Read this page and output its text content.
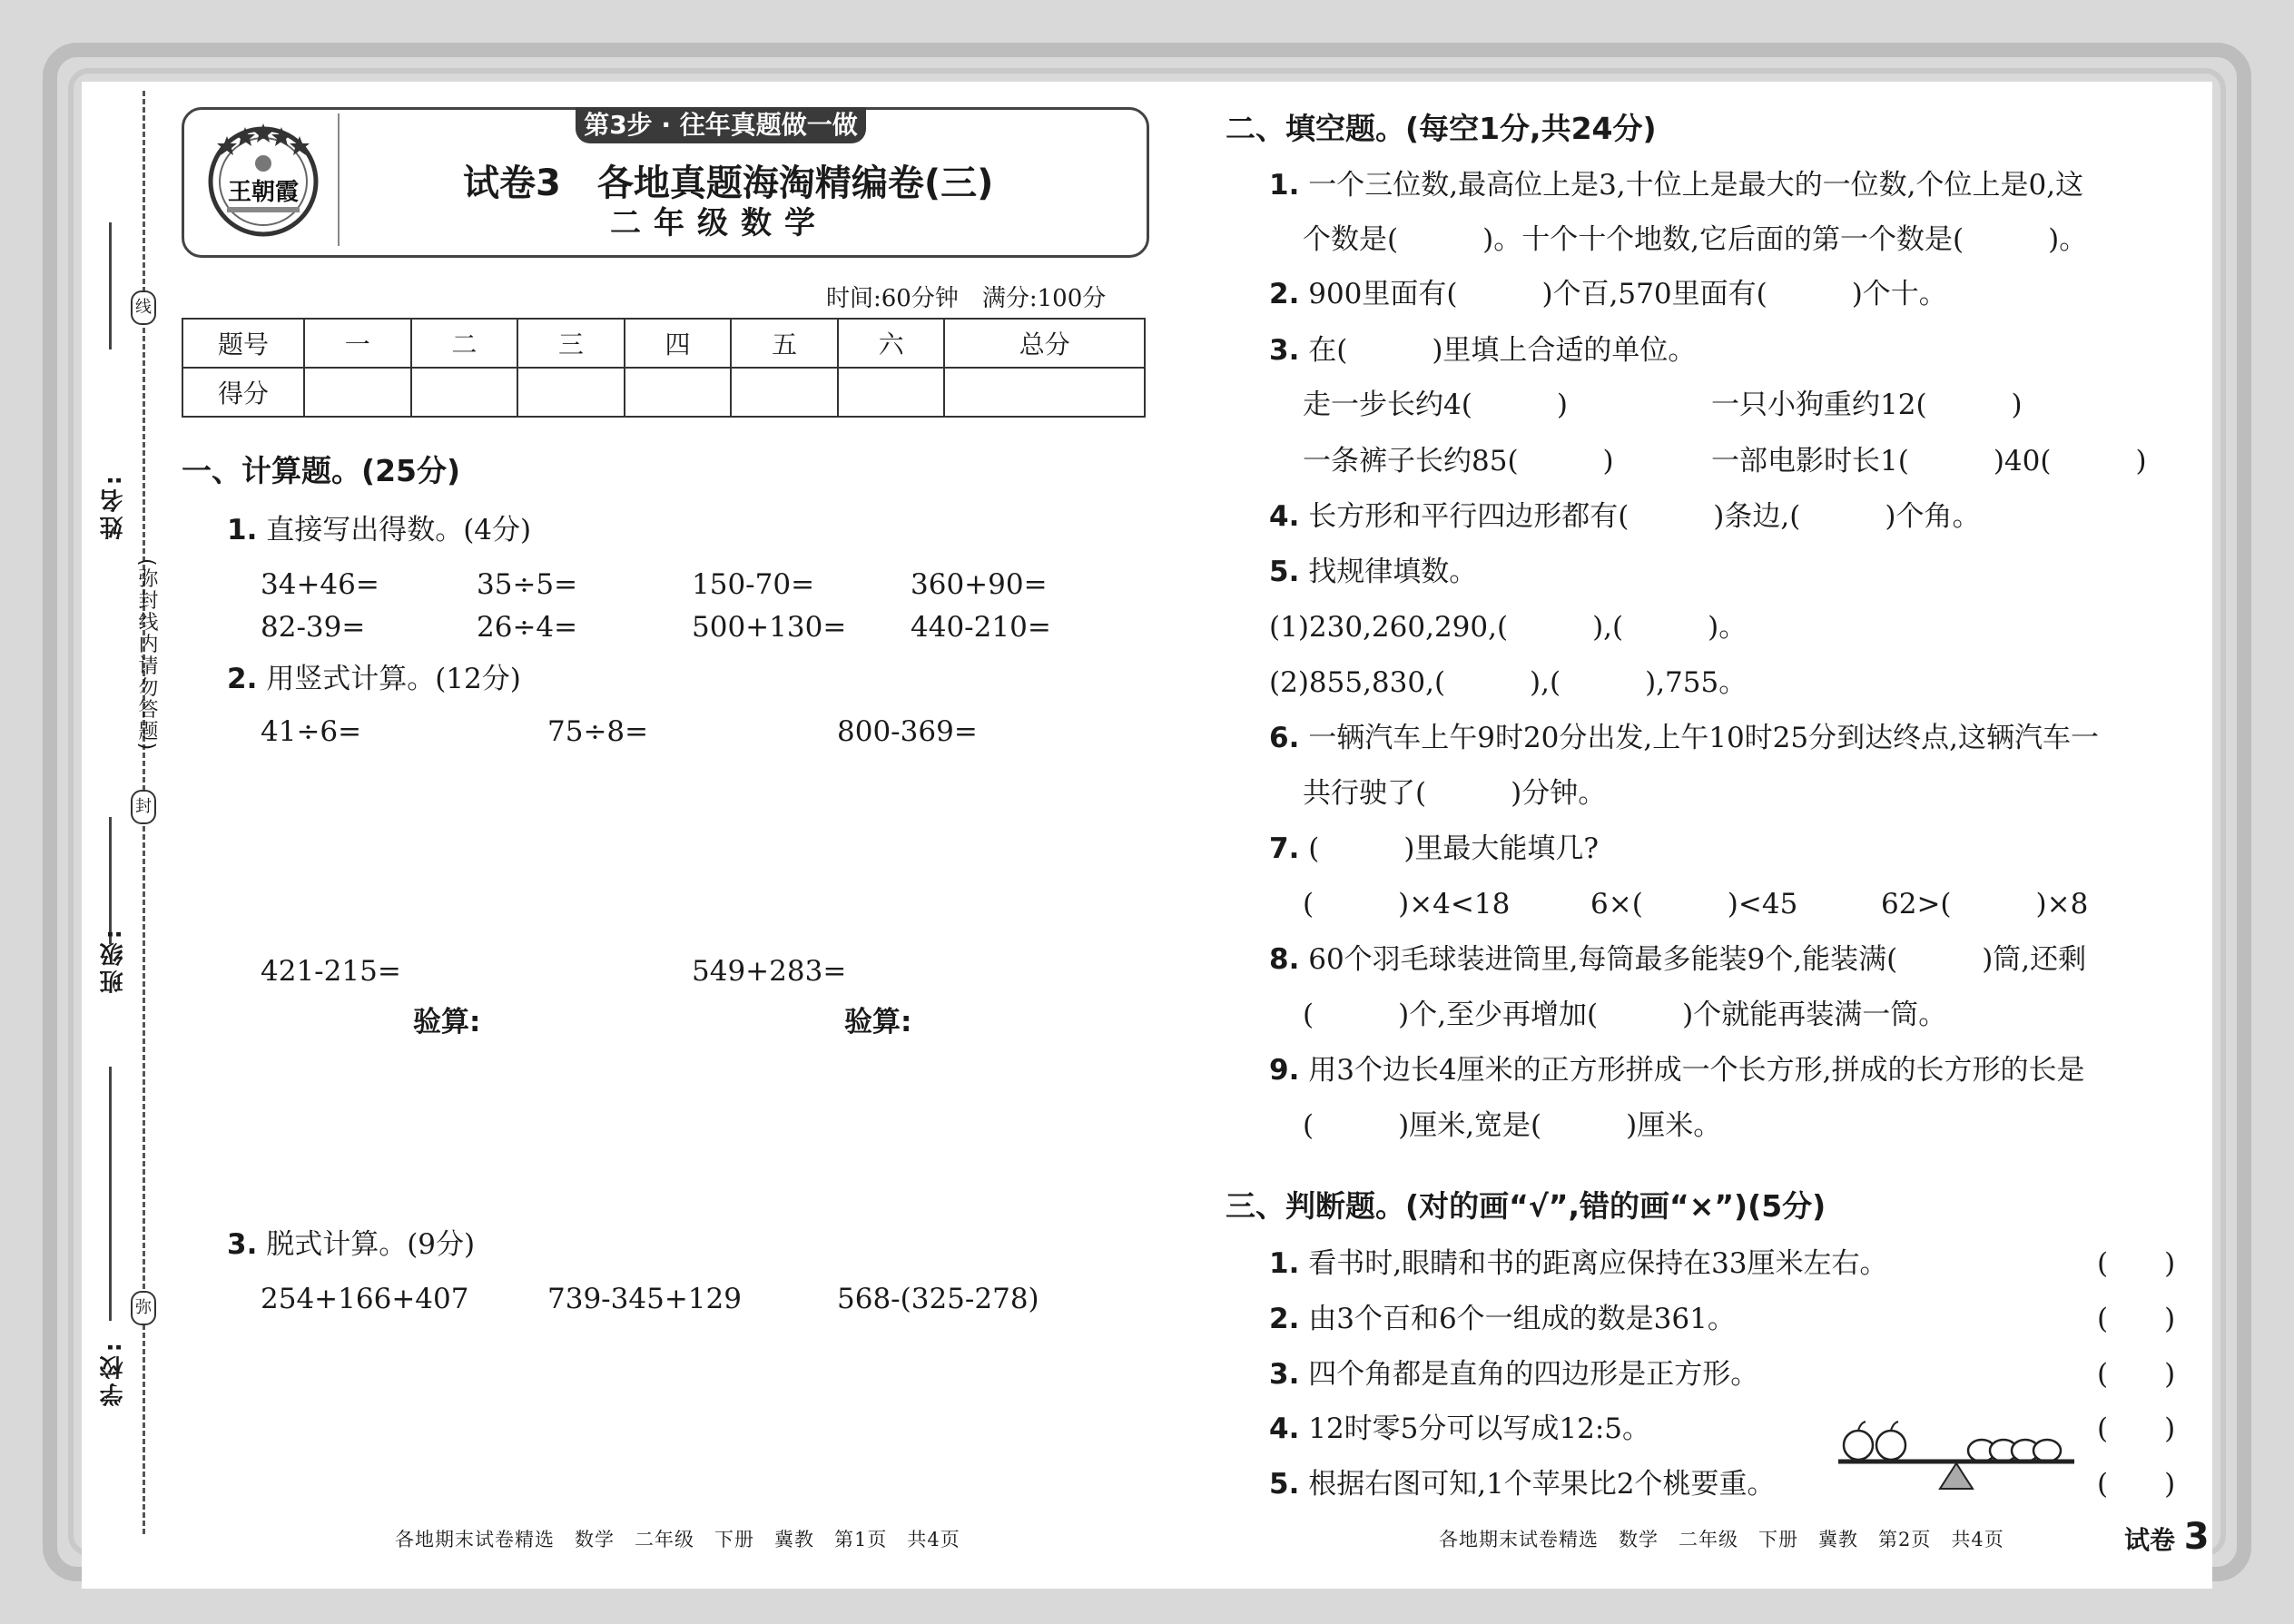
线
封
弥
(弥封线内请勿答题)
姓名:
班级:
学校:
第3步 · 往年真题做一做
王朝霞	试卷3　各地真题海淘精编卷(三)
二年级数学
时间:60分钟　满分:100分
题号	一	二	三	四	五	六	总分
得分							
一、计算题。(25分)
1. 直接写出得数。(4分)
34+46=	35÷5=	150-70=	360+90=
82-39=	26÷4=	500+130= 440-210=
2. 用竖式计算。(12分)
41÷6=	75÷8=	800-369=
421-215=	549+283=
验算:	验算:
3. 脱式计算。(9分)
254+166+407	739-345+129	568-(325-278)
二、填空题。(每空1分,共24分)
1. 一个三位数,最高位上是3,十位上是最大的一位数,个位上是0,这
个数是(　　　)。十个十个地数,它后面的第一个数是(　　　)。
2. 900里面有(　　　)个百,570里面有(　　　)个十。
3. 在(　　　)里填上合适的单位。
走一步长约4(　　　)	一只小狗重约12(　　　)
一条裤子长约85(　　　)	一部电影时长1(　　　)40(　　　)
4. 长方形和平行四边形都有(　　　)条边,(　　　)个角。
5. 找规律填数。
(1)230,260,290,(　　　),(　　　)。
(2)855,830,(　　　),(　　　),755。
6. 一辆汽车上午9时20分出发,上午10时25分到达终点,这辆汽车一
共行驶了(　　　)分钟。
7. (　　　)里最大能填几?
(　　　)×4<18	6×(　　　)<45	62>(　　　)×8
8. 60个羽毛球装进筒里,每筒最多能装9个,能装满(　　　)筒,还剩
(　　　)个,至少再增加(　　　)个就能再装满一筒。
9. 用3个边长4厘米的正方形拼成一个长方形,拼成的长方形的长是
(　　　)厘米,宽是(　　　)厘米。
三、判断题。(对的画“√”,错的画“×”)(5分)
1. 看书时,眼睛和书的距离应保持在33厘米左右。	(　　)
2. 由3个百和6个一组成的数是361。	(　　)
3. 四个角都是直角的四边形是正方形。	(　　)
4. 12时零5分可以写成12:5。	(　　)
5. 根据右图可知,1个苹果比2个桃要重。	(　　)
各地期末试卷精选　数学　二年级　下册　冀教　第1页　共4页	各地期末试卷精选　数学　二年级　下册　冀教　第2页　共4页	试卷 3
